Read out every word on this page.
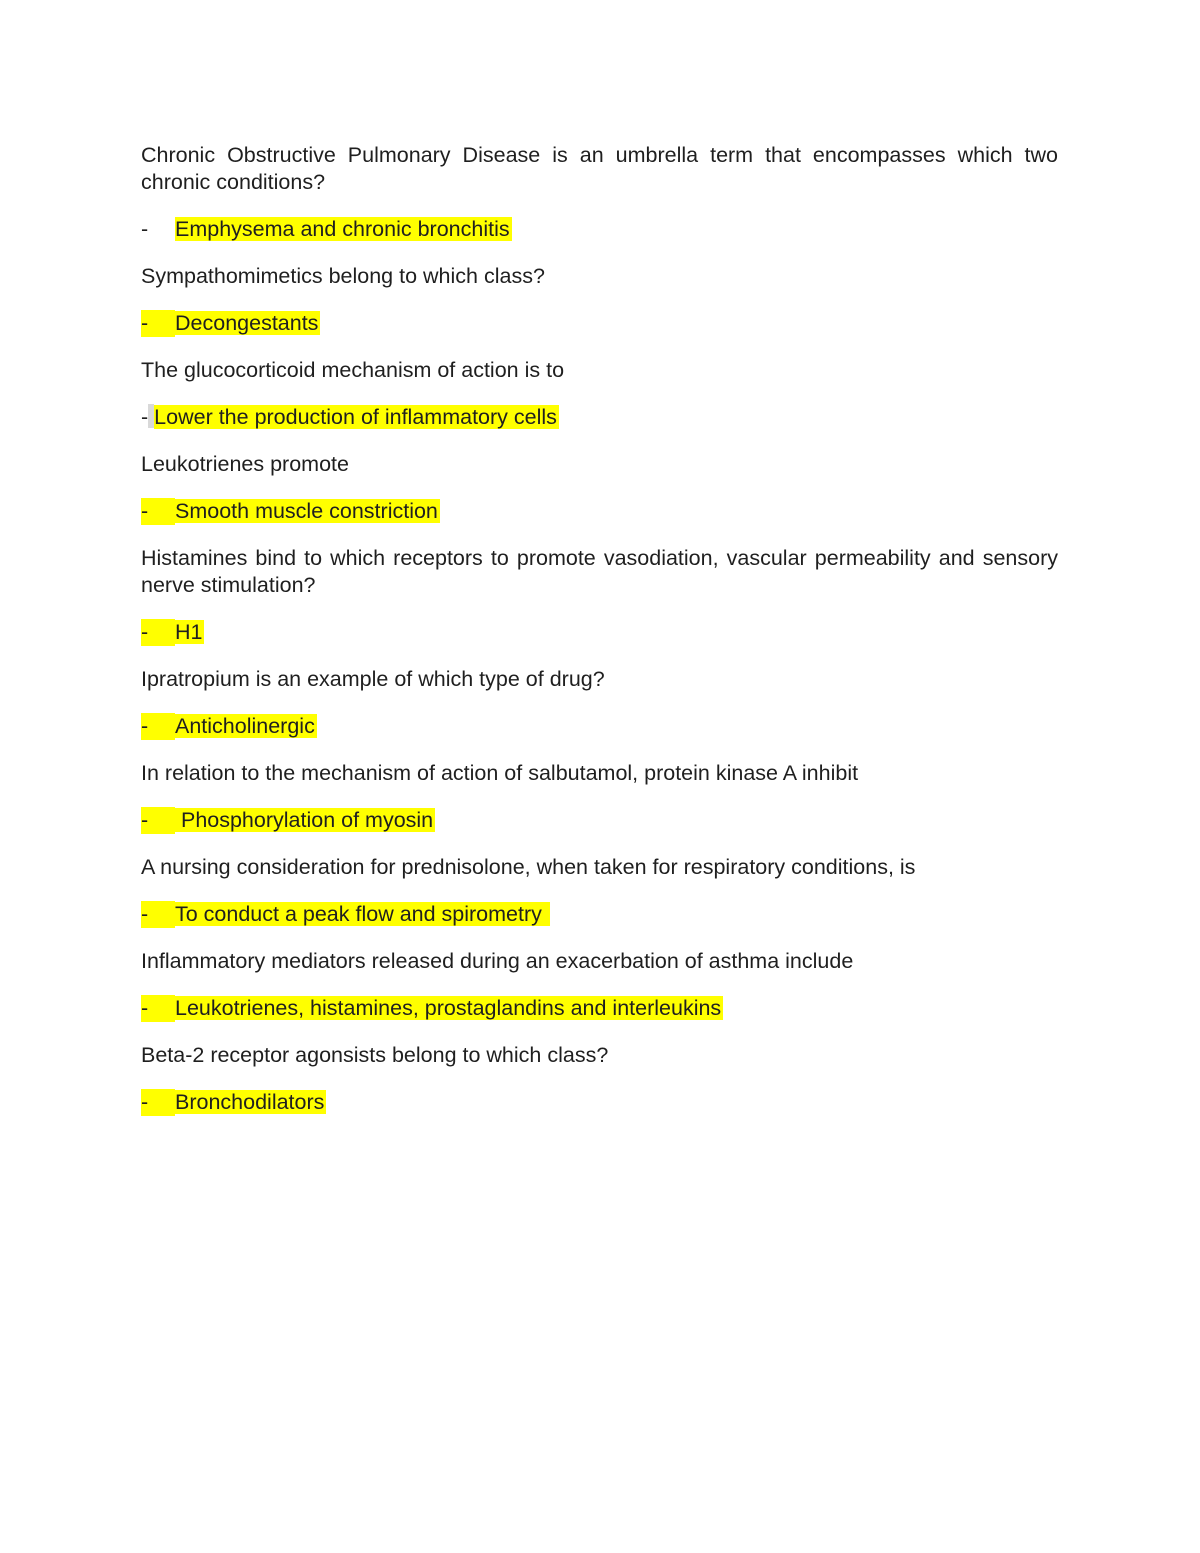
Chronic Obstructive Pulmonary Disease is an umbrella term that encompasses which two chronic conditions?
- Emphysema and chronic bronchitis
Sympathomimetics belong to which class?
- Decongestants
The glucocorticoid mechanism of action is to
- Lower the production of inflammatory cells
Leukotrienes promote
- Smooth muscle constriction
Histamines bind to which receptors to promote vasodiation, vascular permeability and sensory nerve stimulation?
- H1
Ipratropium is an example of which type of drug?
- Anticholinergic
In relation to the mechanism of action of salbutamol, protein kinase A inhibit
- Phosphorylation of myosin
A nursing consideration for prednisolone, when taken for respiratory conditions, is
- To conduct a peak flow and spirometry
Inflammatory mediators released during an exacerbation of asthma include
- Leukotrienes, histamines, prostaglandins and interleukins
Beta-2 receptor agonsists belong to which class?
- Bronchodilators
